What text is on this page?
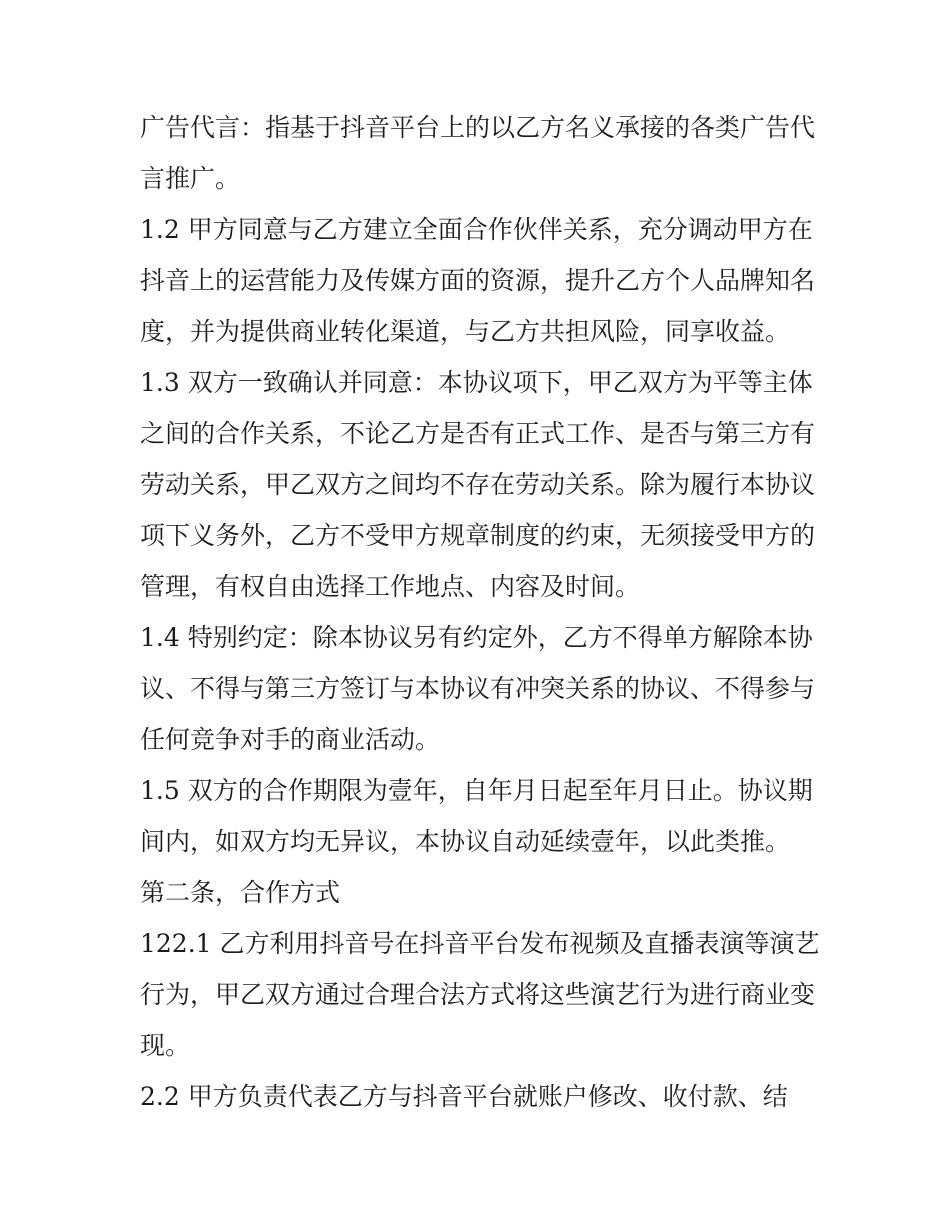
广告代言：指基于抖音平台上的以乙方名义承接的各类广告代
言推广。
1.2 甲方同意与乙方建立全面合作伙伴关系，充分调动甲方在
抖音上的运营能力及传媒方面的资源，提升乙方个人品牌知名
度，并为提供商业转化渠道，与乙方共担风险，同享收益。
1.3 双方一致确认并同意：本协议项下，甲乙双方为平等主体
之间的合作关系，不论乙方是否有正式工作、是否与第三方有
劳动关系，甲乙双方之间均不存在劳动关系。除为履行本协议
项下义务外，乙方不受甲方规章制度的约束，无须接受甲方的
管理，有权自由选择工作地点、内容及时间。
1.4 特别约定：除本协议另有约定外，乙方不得单方解除本协
议、不得与第三方签订与本协议有冲突关系的协议、不得参与
任何竞争对手的商业活动。
1.5 双方的合作期限为壹年，自年月日起至年月日止。协议期
间内，如双方均无异议，本协议自动延续壹年，以此类推。
第二条，合作方式
122.1 乙方利用抖音号在抖音平台发布视频及直播表演等演艺
行为，甲乙双方通过合理合法方式将这些演艺行为进行商业变
现。
2.2 甲方负责代表乙方与抖音平台就账户修改、收付款、结
